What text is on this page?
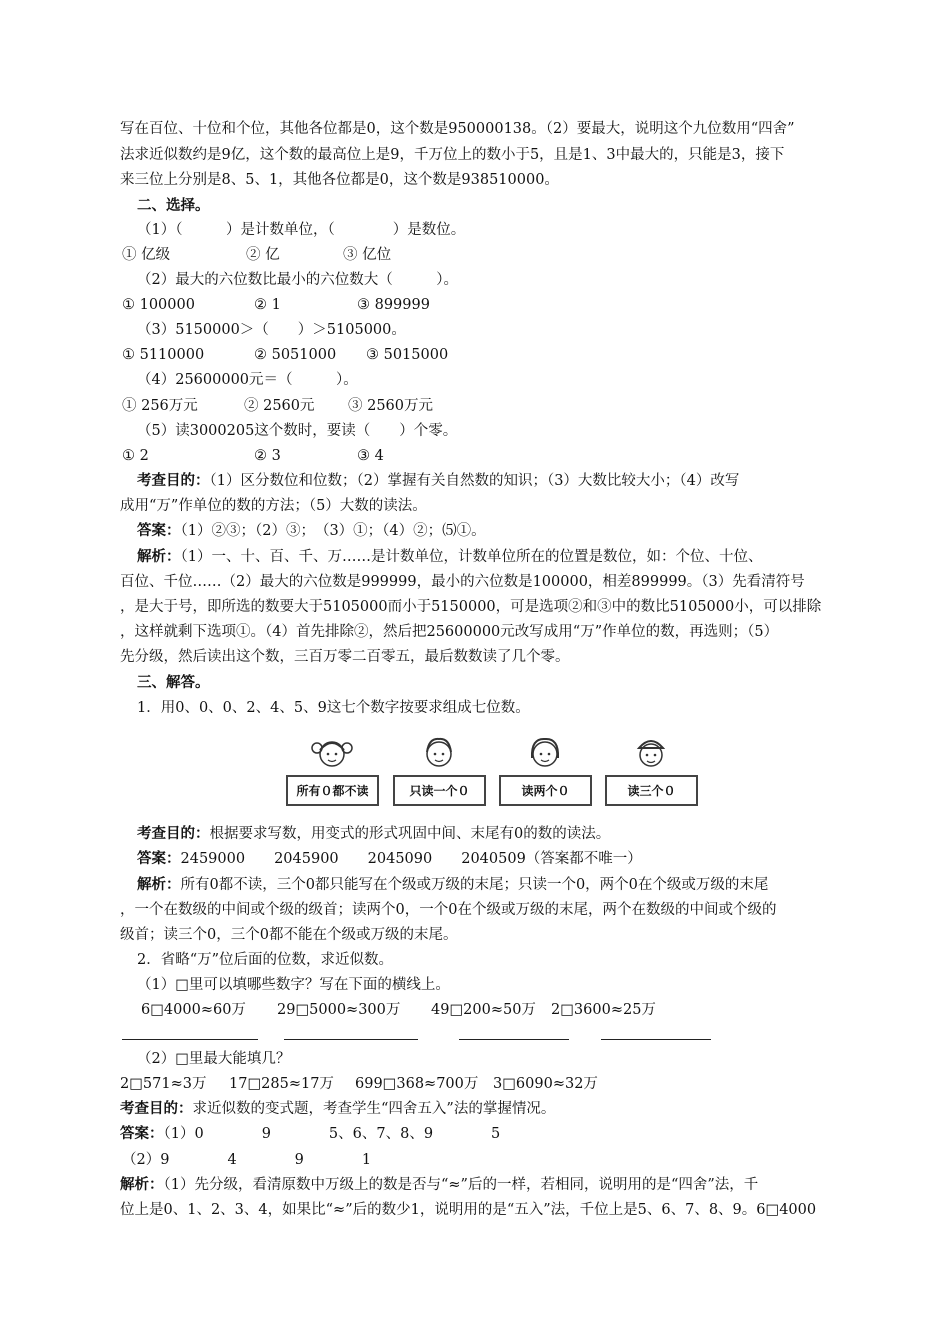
写在百位、十位和个位，其他各位都是0，这个数是950000138。（2）要最大，说明这个九位数用“四舍”
法求近似数约是9亿，这个数的最高位上是9，千万位上的数小于5，且是1、3中最大的，只能是3，接下
来三位上分别是8、5、1，其他各位都是0，这个数是938510000。
二、选择。
（1）（　　　）是计数单位，（　　　　）是数位。
① 亿级	② 亿	③ 亿位
（2）最大的六位数比最小的六位数大（　　　）。
① 100000	② 1	③ 899999
（3）5150000＞（　　）＞5105000。
① 5110000	② 5051000 ③ 5015000
（4）25600000元＝（　　　）。
① 256万元	② 2560元 ③ 2560万元
（5）读3000205这个数时，要读（　　）个零。
① 2	② 3	③ 4
考查目的：（1）区分数位和位数；（2）掌握有关自然数的知识；（3）大数比较大小；（4）改写
成用“万”作单位的数的方法；（5）大数的读法。
答案：（1）②③；（2）③；　（3）①；（4）②；⑸①。
解析：（1）一、十、百、千、万……是计数单位，计数单位所在的位置是数位，如：个位、十位、
百位、千位……（2）最大的六位数是999999，最小的六位数是100000，相差899999。（3）先看清符号
，是大于号，即所选的数要大于5105000而小于5150000，可是选项②和③中的数比5105000小，可以排除
，这样就剩下选项①。（4）首先排除②，然后把25600000元改写成用“万”作单位的数，再选则；（5）
先分级，然后读出这个数，三百万零二百零五，最后数数读了几个零。
三、解答。
1．用0、0、0、2、4、5、9这七个数字按要求组成七位数。
所有０都不读	只读一个０	读两个０	读三个０
考查目的：根据要求写数，用变式的形式巩固中间、末尾有0的数的读法。
答案：2459000　　2045900　　2045090　　2040509（答案都不唯一）
解析：所有0都不读，三个0都只能写在个级或万级的末尾；只读一个0，两个0在个级或万级的末尾
，一个在数级的中间或个级的级首；读两个0，一个0在个级或万级的末尾，两个在数级的中间或个级的
级首；读三个0，三个0都不能在个级或万级的末尾。
2．省略“万”位后面的位数，求近似数。
（1）□里可以填哪些数字？写在下面的横线上。
6□4000≈60万 29□5000≈300万 49□200≈50万 2□3600≈25万
（2）□里最大能填几？
2□571≈3万 17□285≈17万 699□368≈700万 3□6090≈32万
考查目的：求近似数的变式题，考查学生“四舍五入”法的掌握情况。
答案：（1）0　　　　9　　　　5、6、7、8、9　　　　5
（2）9　　　　4　　　　9　　　　1
解析：（1）先分级，看清原数中万级上的数是否与“≈”后的一样，若相同，说明用的是“四舍”法，千
位上是0、1、2、3、4，如果比“≈”后的数少1，说明用的是“五入”法，千位上是5、6、7、8、9。6□4000
